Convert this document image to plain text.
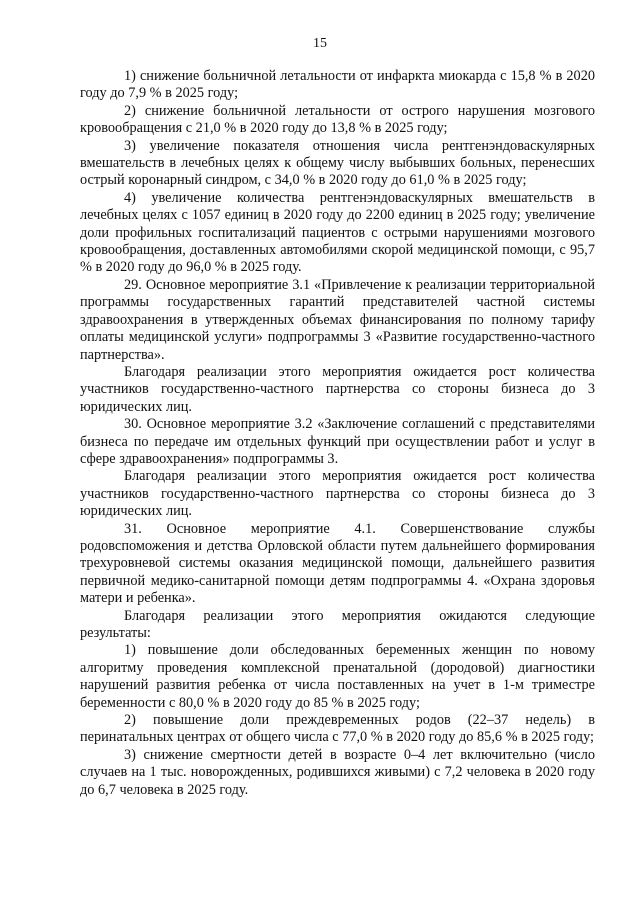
15

1) снижение больничной летальности от инфаркта миокарда с 15,8 % в 2020 году до 7,9 % в 2025 году;

2) снижение больничной летальности от острого нарушения мозгового кровообращения с 21,0 % в 2020 году до 13,8 % в 2025 году;

3) увеличение показателя отношения числа рентгенэндоваскулярных вмешательств в лечебных целях к общему числу выбывших больных, перенесших острый коронарный синдром, с 34,0 % в 2020 году до 61,0 % в 2025 году;

4) увеличение количества рентгенэндоваскулярных вмешательств в лечебных целях с 1057 единиц в 2020 году до 2200 единиц в 2025 году; увеличение доли профильных госпитализаций пациентов с острыми нарушениями мозгового кровообращения, доставленных автомобилями скорой медицинской помощи, с 95,7 % в 2020 году до 96,0 % в 2025 году.

29. Основное мероприятие 3.1 «Привлечение к реализации территориальной программы государственных гарантий представителей частной системы здравоохранения в утвержденных объемах финансирования по полному тарифу оплаты медицинской услуги» подпрограммы 3 «Развитие государственно-частного партнерства».

Благодаря реализации этого мероприятия ожидается рост количества участников государственно-частного партнерства со стороны бизнеса до 3 юридических лиц.

30. Основное мероприятие 3.2 «Заключение соглашений с представителями бизнеса по передаче им отдельных функций при осуществлении работ и услуг в сфере здравоохранения» подпрограммы 3.

Благодаря реализации этого мероприятия ожидается рост количества участников государственно-частного партнерства со стороны бизнеса до 3 юридических лиц.

31. Основное мероприятие 4.1. Совершенствование службы родовспоможения и детства Орловской области путем дальнейшего формирования трехуровневой системы оказания медицинской помощи, дальнейшего развития первичной медико-санитарной помощи детям подпрограммы 4. «Охрана здоровья матери и ребенка».

Благодаря реализации этого мероприятия ожидаются следующие результаты:

1) повышение доли обследованных беременных женщин по новому алгоритму проведения комплексной пренатальной (дородовой) диагностики нарушений развития ребенка от числа поставленных на учет в 1-м триместре беременности с 80,0 % в 2020 году до 85 % в 2025 году;

2) повышение доли преждевременных родов (22–37 недель) в перинатальных центрах от общего числа с 77,0 % в 2020 году до 85,6 % в 2025 году;

3) снижение смертности детей в возрасте 0–4 лет включительно (число случаев на 1 тыс. новорожденных, родившихся живыми) с 7,2 человека в 2020 году до 6,7 человека в 2025 году.
